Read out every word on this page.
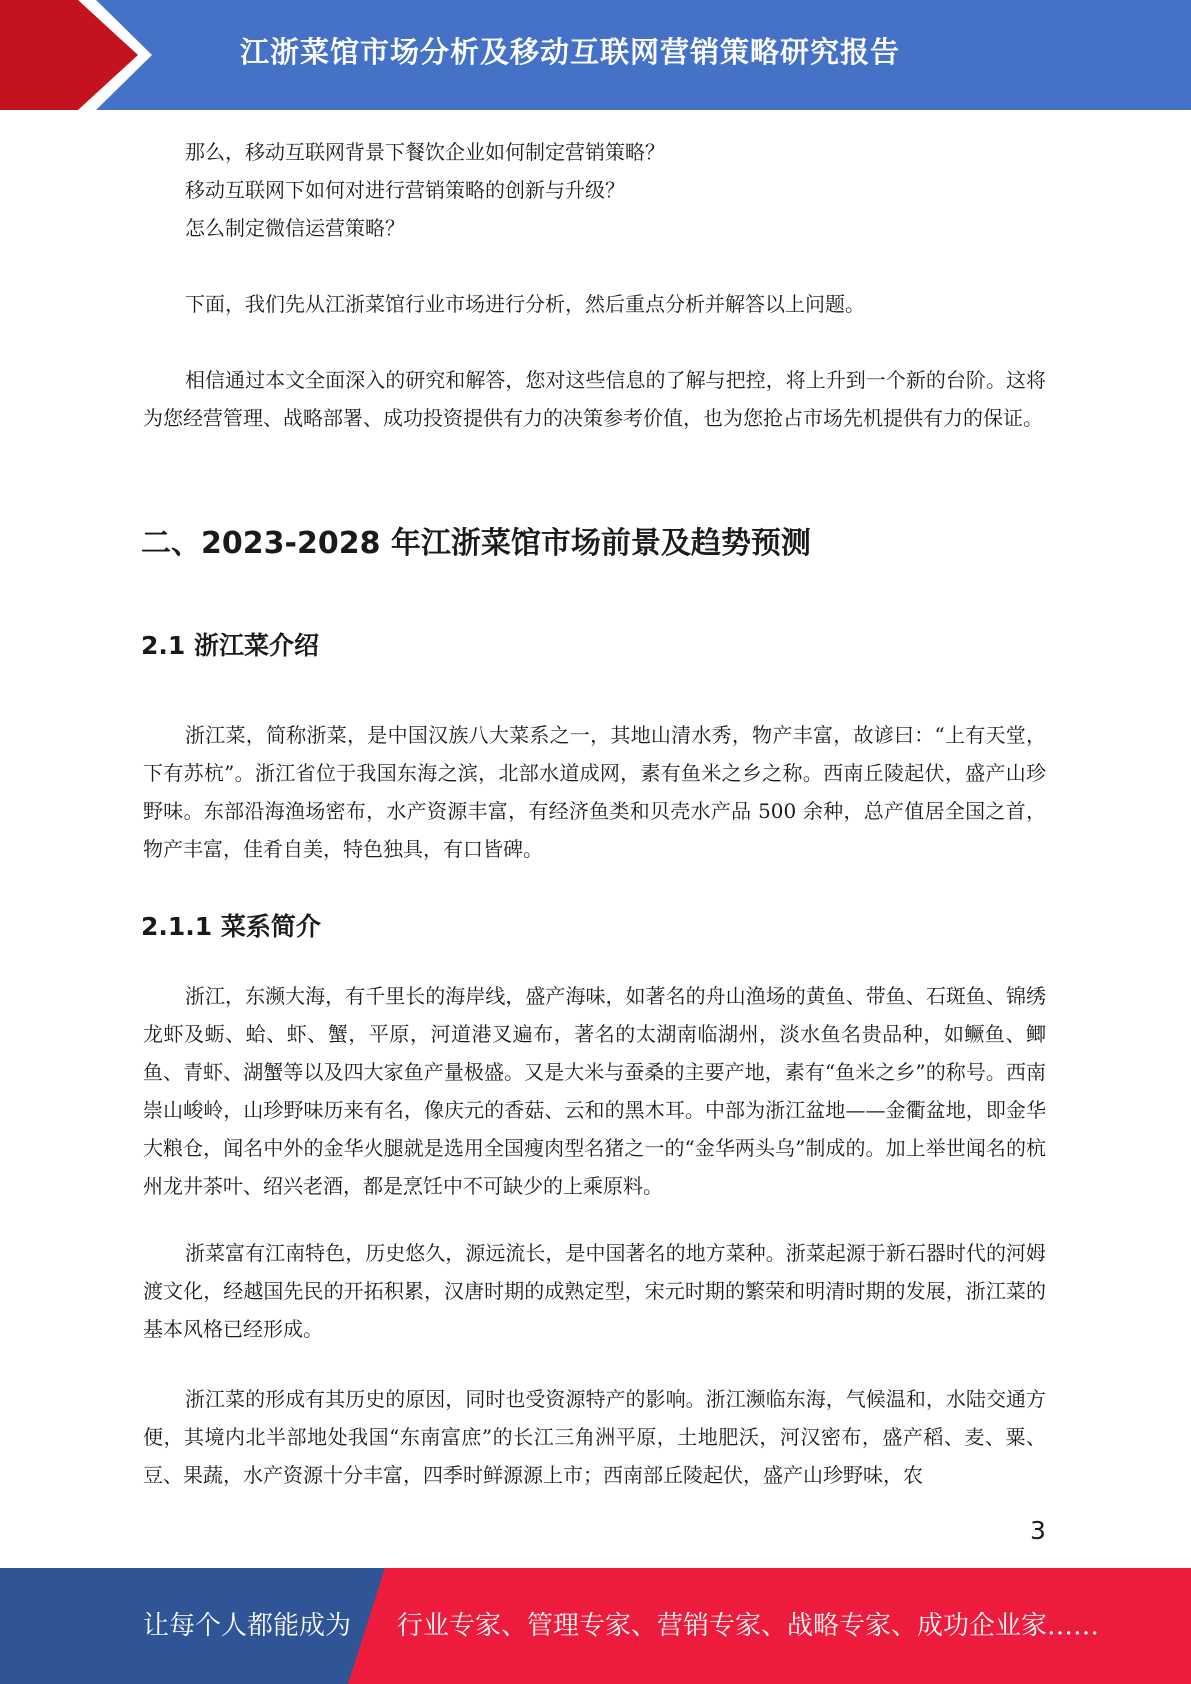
江浙菜馆市场分析及移动互联网营销策略研究报告

那么，移动互联网背景下餐饮企业如何制定营销策略？

移动互联网下如何对进行营销策略的创新与升级？

怎么制定微信运营策略？

下面，我们先从江浙菜馆行业市场进行分析，然后重点分析并解答以上问题。

相信通过本文全面深入的研究和解答，您对这些信息的了解与把控，将上升到一个新的台阶。这将为您经营管理、战略部署、成功投资提供有力的决策参考价值，也为您抢占市场先机提供有力的保证。

二、2023-2028 年江浙菜馆市场前景及趋势预测
2.1 浙江菜介绍

浙江菜，简称浙菜，是中国汉族八大菜系之一，其地山清水秀，物产丰富，故谚曰：“上有天堂，下有苏杭”。浙江省位于我国东海之滨，北部水道成网，素有鱼米之乡之称。西南丘陵起伏，盛产山珍野味。东部沿海渔场密布，水产资源丰富，有经济鱼类和贝壳水产品 500 余种，总产值居全国之首，物产丰富，佳肴自美，特色独具，有口皆碑。

2.1.1 菜系简介

浙江，东濒大海，有千里长的海岸线，盛产海味，如著名的舟山渔场的黄鱼、带鱼、石斑鱼、锦绣龙虾及蛎、蛤、虾、蟹，平原，河道港叉遍布，著名的太湖南临湖州，淡水鱼名贵品种，如鳜鱼、鲫鱼、青虾、湖蟹等以及四大家鱼产量极盛。又是大米与蚕桑的主要产地，素有“鱼米之乡”的称号。西南崇山峻岭，山珍野味历来有名，像庆元的香菇、云和的黑木耳。中部为浙江盆地——金衢盆地，即金华大粮仓，闻名中外的金华火腿就是选用全国瘦肉型名猪之一的“金华两头乌”制成的。加上举世闻名的杭州龙井茶叶、绍兴老酒，都是烹饪中不可缺少的上乘原料。

浙菜富有江南特色，历史悠久，源远流长，是中国著名的地方菜种。浙菜起源于新石器时代的河姆渡文化，经越国先民的开拓积累，汉唐时期的成熟定型，宋元时期的繁荣和明清时期的发展，浙江菜的基本风格已经形成。

浙江菜的形成有其历史的原因，同时也受资源特产的影响。浙江濒临东海，气候温和，水陆交通方便，其境内北半部地处我国“东南富庶”的长江三角洲平原，土地肥沃，河汉密布，盛产稻、麦、粟、豆、果蔬，水产资源十分丰富，四季时鲜源源上市；西南部丘陵起伏，盛产山珍野味，农

3
让每个人都能成为 行业专家、管理专家、营销专家、战略专家、成功企业家……
